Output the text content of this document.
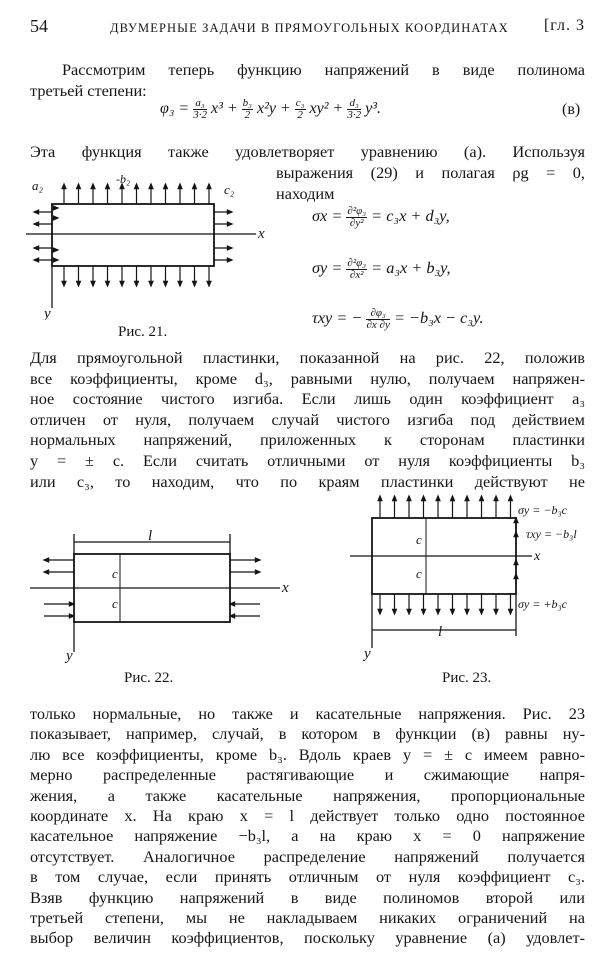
54	ДВУМЕРНЫЕ ЗАДАЧИ В ПРЯМОУГОЛЬНЫХ КООРДИНАТАХ	[гл. 3

Рассмотрим теперь функцию напряжений в виде полинома

третьей степени:

$\varphi_3 = \frac{\text{a₃}}{3\cdot 2} x^3 + \frac{\text{b₃}}{2} x^2y + \frac{\text{c₃}}{2} xy^2 + \frac{\text{d₃}}{3\cdot 2} y^3$.	(в)

Эта функция также удовлетворяет уравнению (а). Используя

выражения (29) и полагая ρg = 0,

находим

a₂	-b₂
c₂
x
y
Рис. 21.
$\sigma x = \frac{\text{∂²φ₃}}{\text{∂y²}} = c_3x + d_3y$,
$\sigma y = \frac{\text{∂²φ₃}}{\text{∂x²}} = a_3x + b_3y$,
τxy = − $\frac{\text{∂φ₃}}{\partial x \partial y} = -b_3x - c_3y$.

Для прямоугольной пластинки, показанной на рис. 22, положив

все коэффициенты, кроме d₃, равными нулю, получаем напряжен-

ное состояние чистого изгиба. Если лишь один коэффициент a₃

отличен от нуля, получаем случай чистого изгиба под действием

нормальных напряжений, приложенных к сторонам пластинки

y = ± c. Если считать отличными от нуля коэффициенты b₃

или c₃, то находим, что по краям пластинки действуют не

l
c
c
x
y
Рис. 22.
c
c
l
x
y
σy = −b₃c
τxy = −b₃l
σy = +b₃c
Рис. 23.

только нормальные, но также и касательные напряжения. Рис. 23

показывает, например, случай, в котором в функции (в) равны ну-

лю все коэффициенты, кроме b₃. Вдоль краев y = ± c имеем равно-

мерно распределенные растягивающие и сжимающие напря-

жения, а также касательные напряжения, пропорциональные

координате x. На краю x = l действует только одно постоянное

касательное напряжение −b₃l, а на краю x = 0 напряжение

отсутствует. Аналогичное распределение напряжений получается

в том случае, если принять отличным от нуля коэффициент c₃.

Взяв функцию напряжений в виде полиномов второй или

третьей степени, мы не накладываем никаких ограничений на

выбор величин коэффициентов, поскольку уравнение (а) удовлет-
